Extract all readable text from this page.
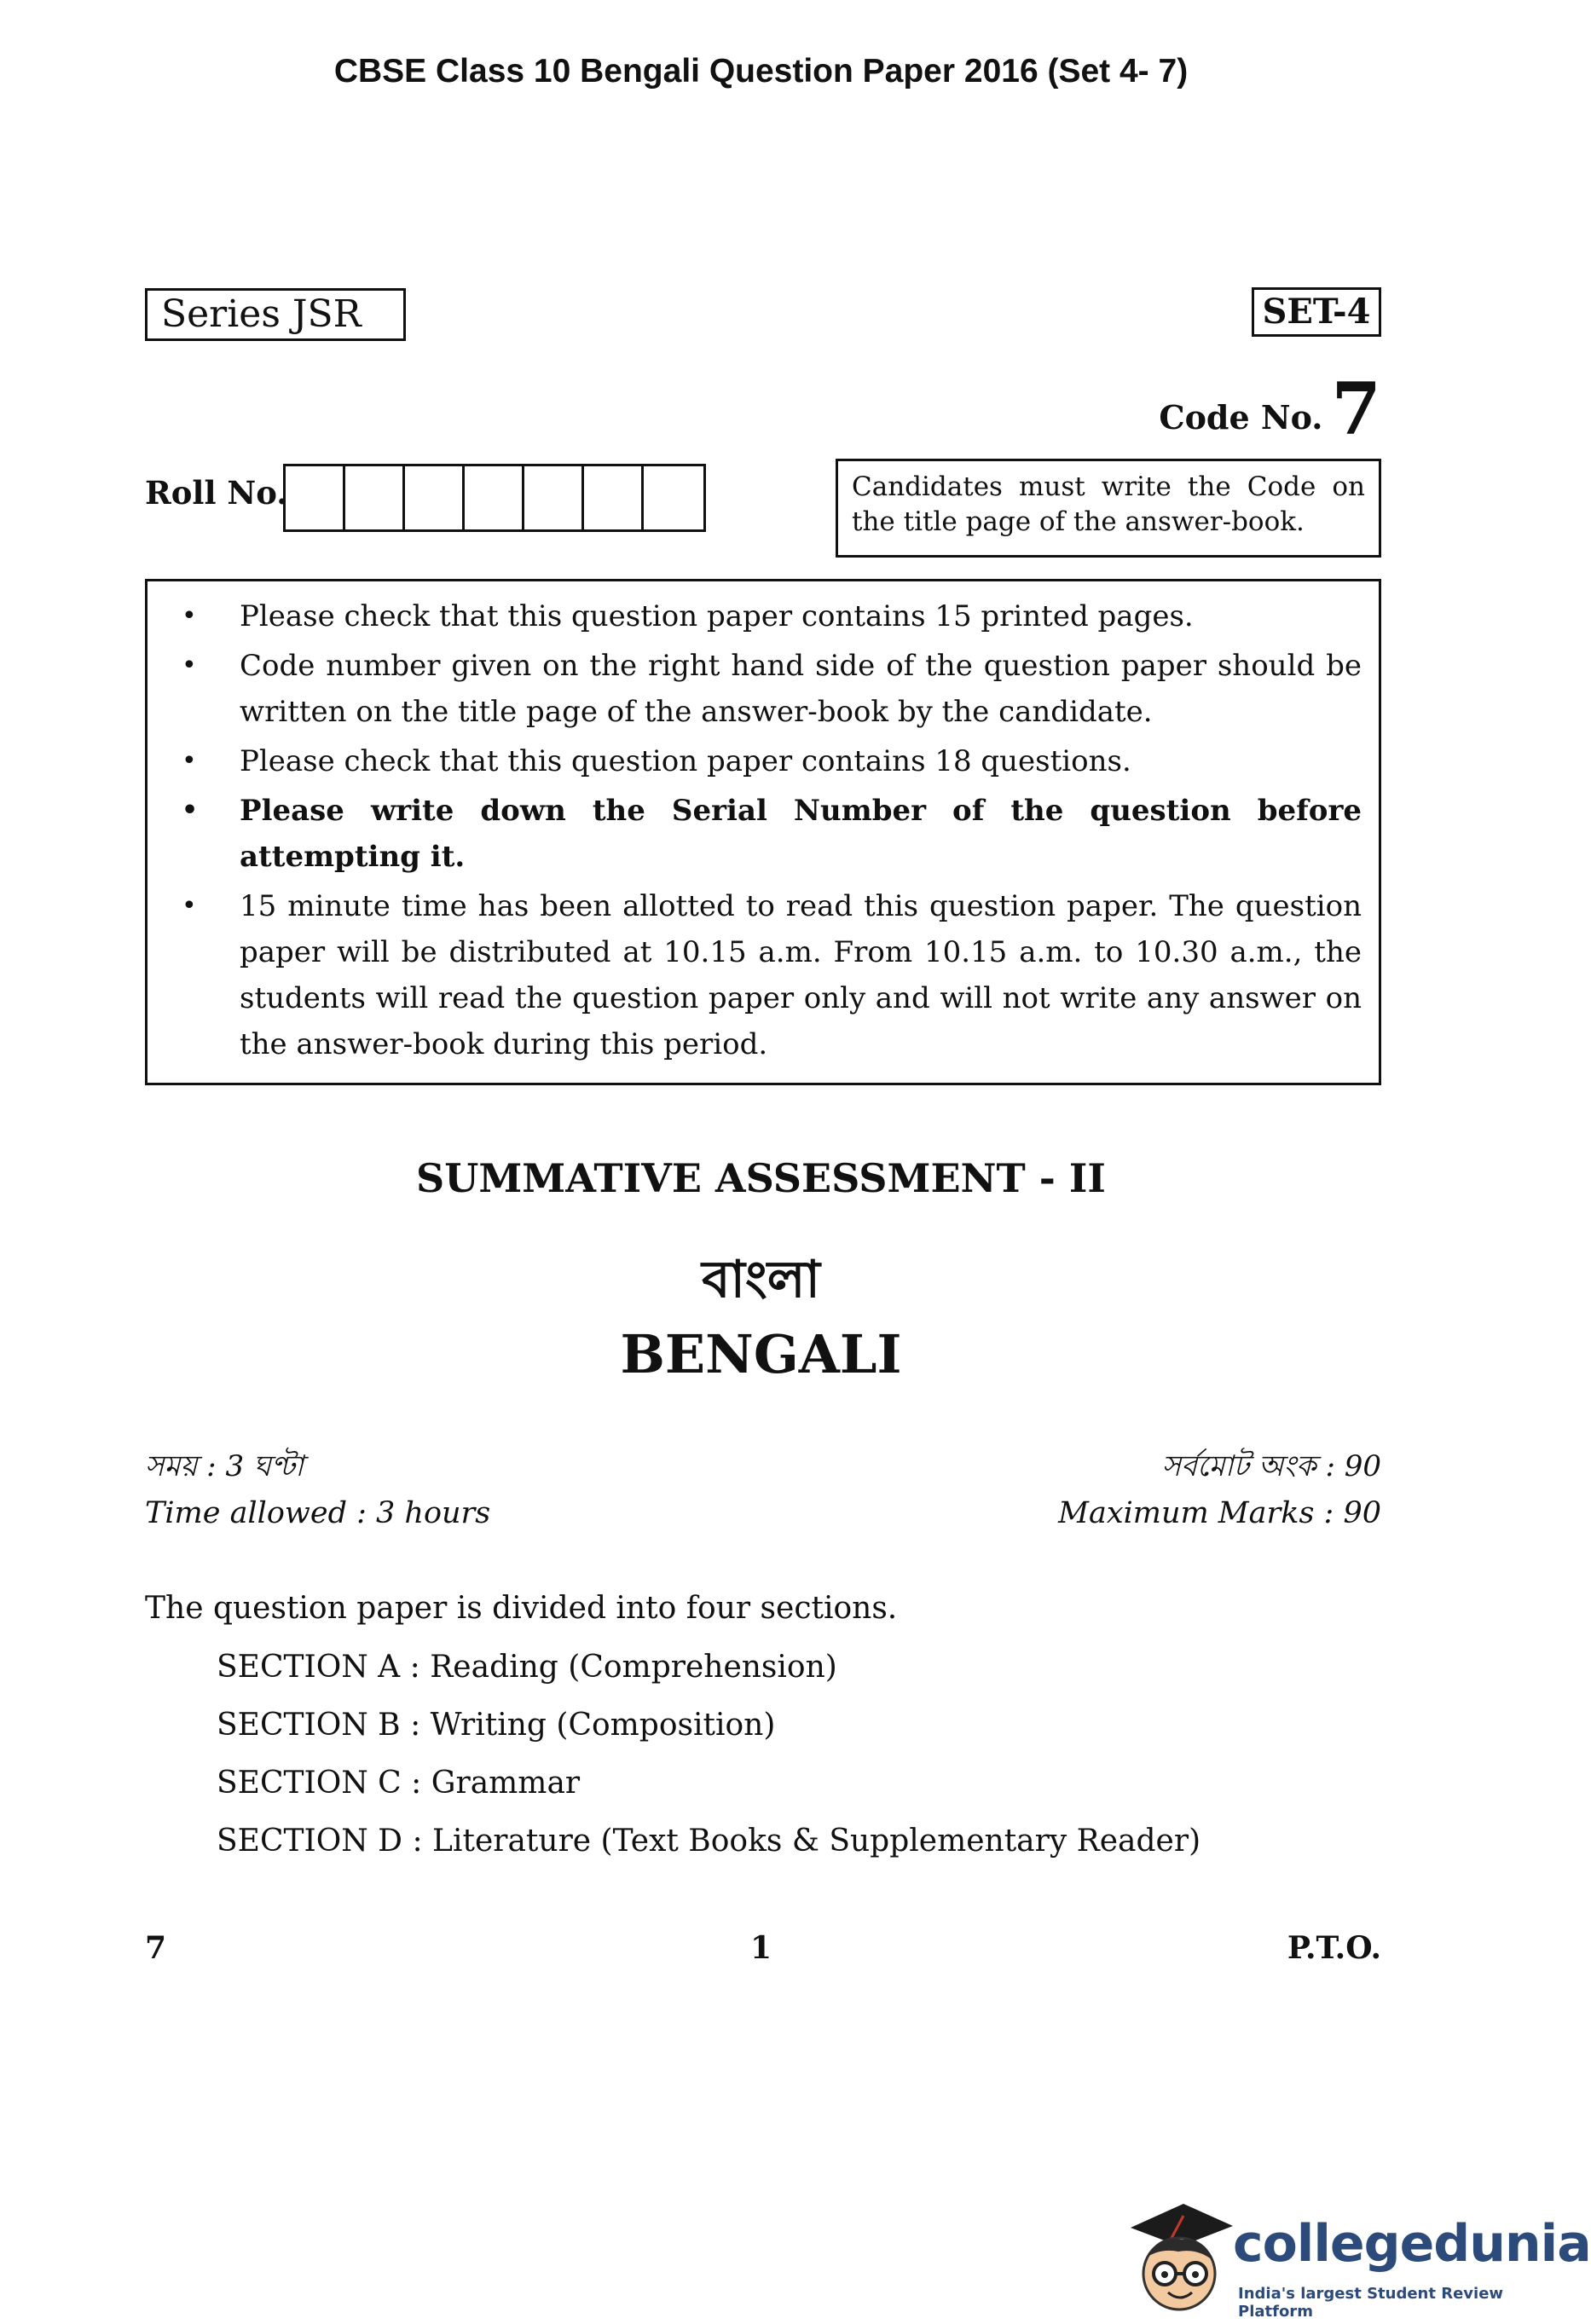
CBSE Class 10 Bengali Question Paper 2016 (Set 4- 7)
Series JSR	SET-4
Code No. 7
Roll No.	Candidates must write the Code on the title page of the answer-book.
• Please check that this question paper contains 15 printed pages.
• Code number given on the right hand side of the question paper should be written on the title page of the answer-book by the candidate.
• Please check that this question paper contains 18 questions.
• Please write down the Serial Number of the question before attempting it.
• 15 minute time has been allotted to read this question paper. The question paper will be distributed at 10.15 a.m. From 10.15 a.m. to 10.30 a.m., the students will read the question paper only and will not write any answer on the answer-book during this period.
SUMMATIVE ASSESSMENT - II
বাংলা
BENGALI
সময় : 3 ঘণ্টা
Time allowed : 3 hours
সর্বমোট অংক : 90
Maximum Marks : 90
The question paper is divided into four sections.
SECTION A : Reading (Comprehension)
SECTION B : Writing (Composition)
SECTION C : Grammar
SECTION D : Literature (Text Books & Supplementary Reader)
7	1	P.T.O.
collegedunia
India's largest Student Review Platform
